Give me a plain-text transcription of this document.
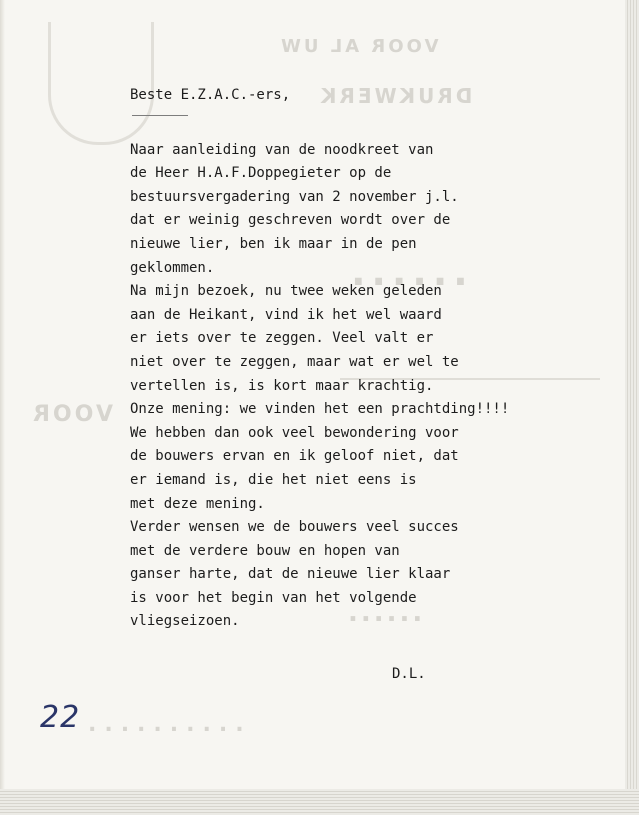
VOOR AL UW
DRUKWERK
......
VOOR
......
..........
Beste E.Z.A.C.-ers,
Naar aanleiding van de noodkreet van
de Heer H.A.F.Doppegieter op de
bestuursvergadering van 2 november j.l.
dat er weinig geschreven wordt over de
nieuwe lier, ben ik maar in de pen
geklommen.
Na mijn bezoek, nu twee weken geleden
aan de Heikant, vind ik het wel waard
er iets over te zeggen. Veel valt er
niet over te zeggen, maar wat er wel te
vertellen is, is kort maar krachtig.
Onze mening: we vinden het een prachtding!!!!
We hebben dan ook veel bewondering voor
de bouwers ervan en ik geloof niet, dat
er iemand is, die het niet eens is
met deze mening.
Verder wensen we de bouwers veel succes
met de verdere bouw en hopen van
ganser harte, dat de nieuwe lier klaar
is voor het begin van het volgende
vliegseizoen.
D.L.
22
